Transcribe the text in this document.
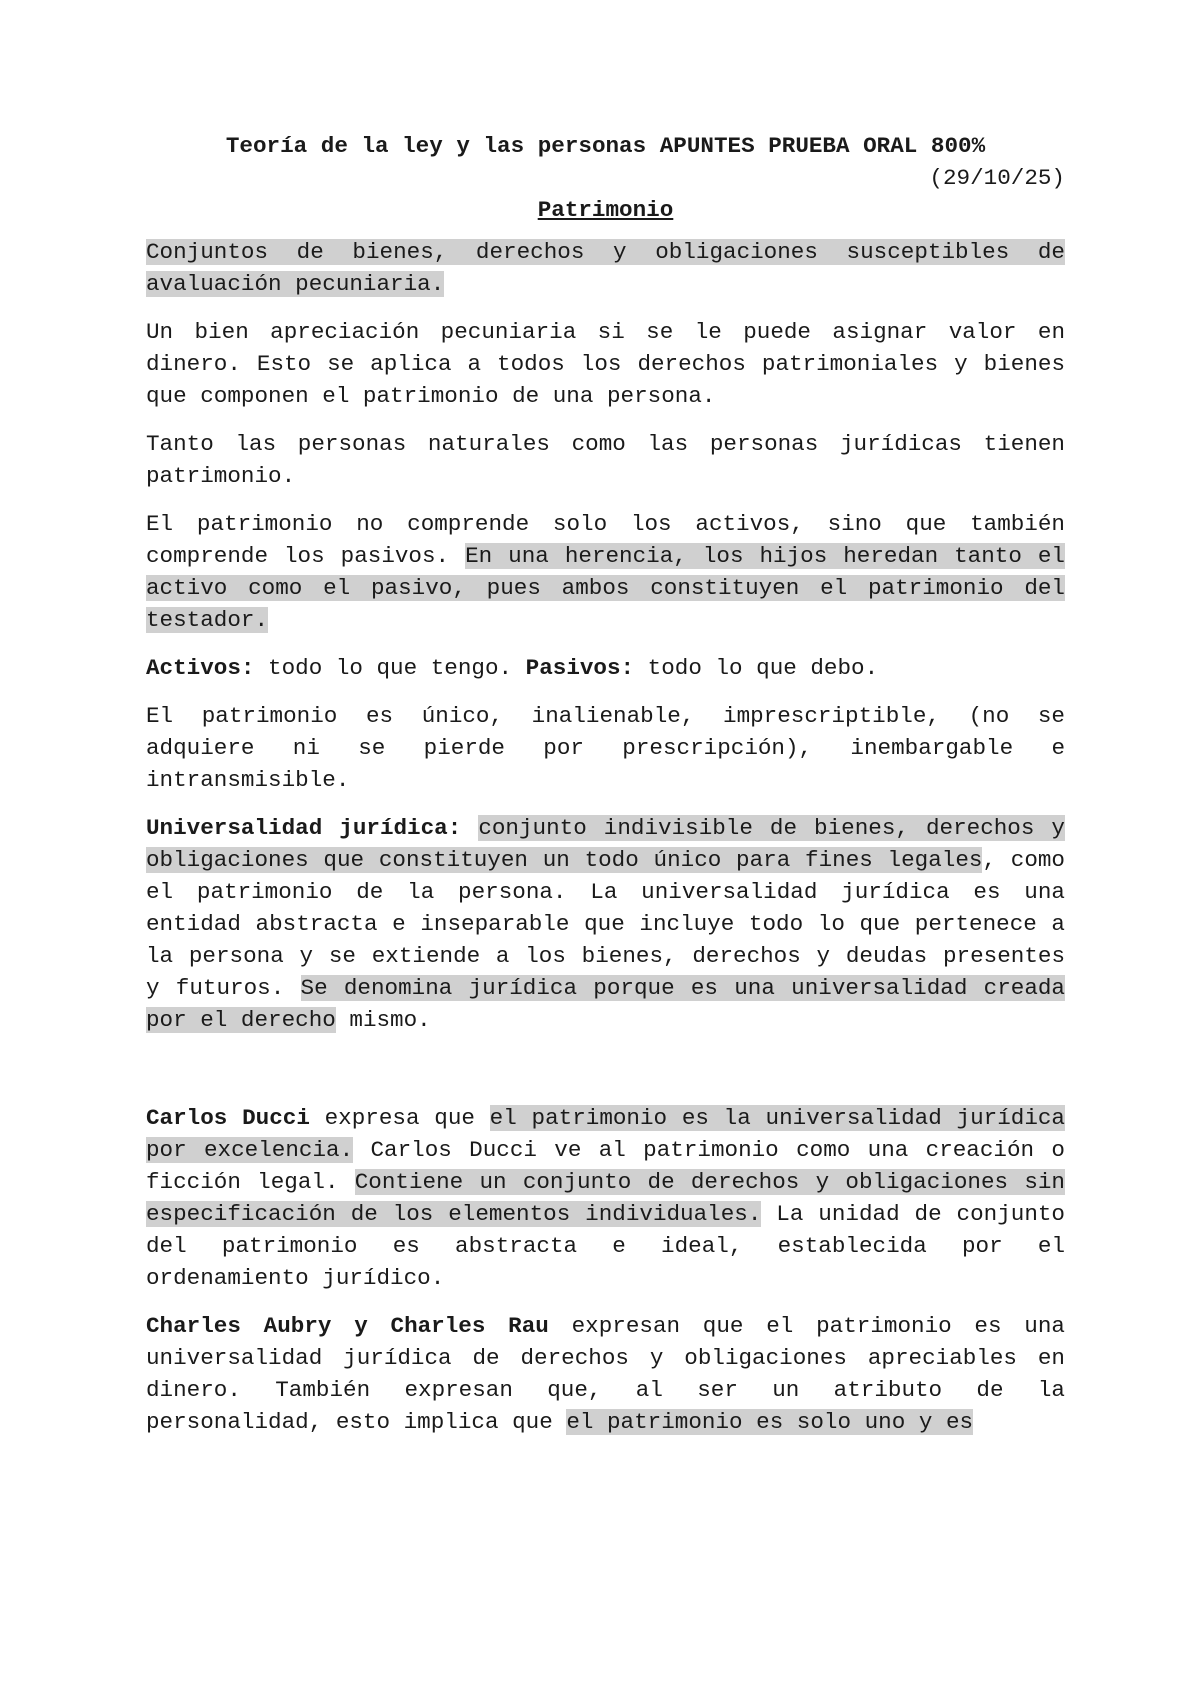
Teoría de la ley y las personas APUNTES PRUEBA ORAL 800%

(29/10/25)

Patrimonio

Conjuntos de bienes, derechos y obligaciones susceptibles de avaluación pecuniaria.

Un bien apreciación pecuniaria si se le puede asignar valor en dinero. Esto se aplica a todos los derechos patrimoniales y bienes que componen el patrimonio de una persona.

Tanto las personas naturales como las personas jurídicas tienen patrimonio.

El patrimonio no comprende solo los activos, sino que también comprende los pasivos. En una herencia, los hijos heredan tanto el activo como el pasivo, pues ambos constituyen el patrimonio del testador.

Activos: todo lo que tengo. Pasivos: todo lo que debo.

El patrimonio es único, inalienable, imprescriptible, (no se adquiere ni se pierde por prescripción), inembargable e intransmisible.

Universalidad jurídica: conjunto indivisible de bienes, derechos y obligaciones que constituyen un todo único para fines legales, como el patrimonio de la persona. La universalidad jurídica es una entidad abstracta e inseparable que incluye todo lo que pertenece a la persona y se extiende a los bienes, derechos y deudas presentes y futuros. Se denomina jurídica porque es una universalidad creada por el derecho mismo.

Carlos Ducci expresa que el patrimonio es la universalidad jurídica por excelencia. Carlos Ducci ve al patrimonio como una creación o ficción legal. Contiene un conjunto de derechos y obligaciones sin especificación de los elementos individuales. La unidad de conjunto del patrimonio es abstracta e ideal, establecida por el ordenamiento jurídico.

Charles Aubry y Charles Rau expresan que el patrimonio es una universalidad jurídica de derechos y obligaciones apreciables en dinero. También expresan que, al ser un atributo de la personalidad, esto implica que el patrimonio es solo uno y es
